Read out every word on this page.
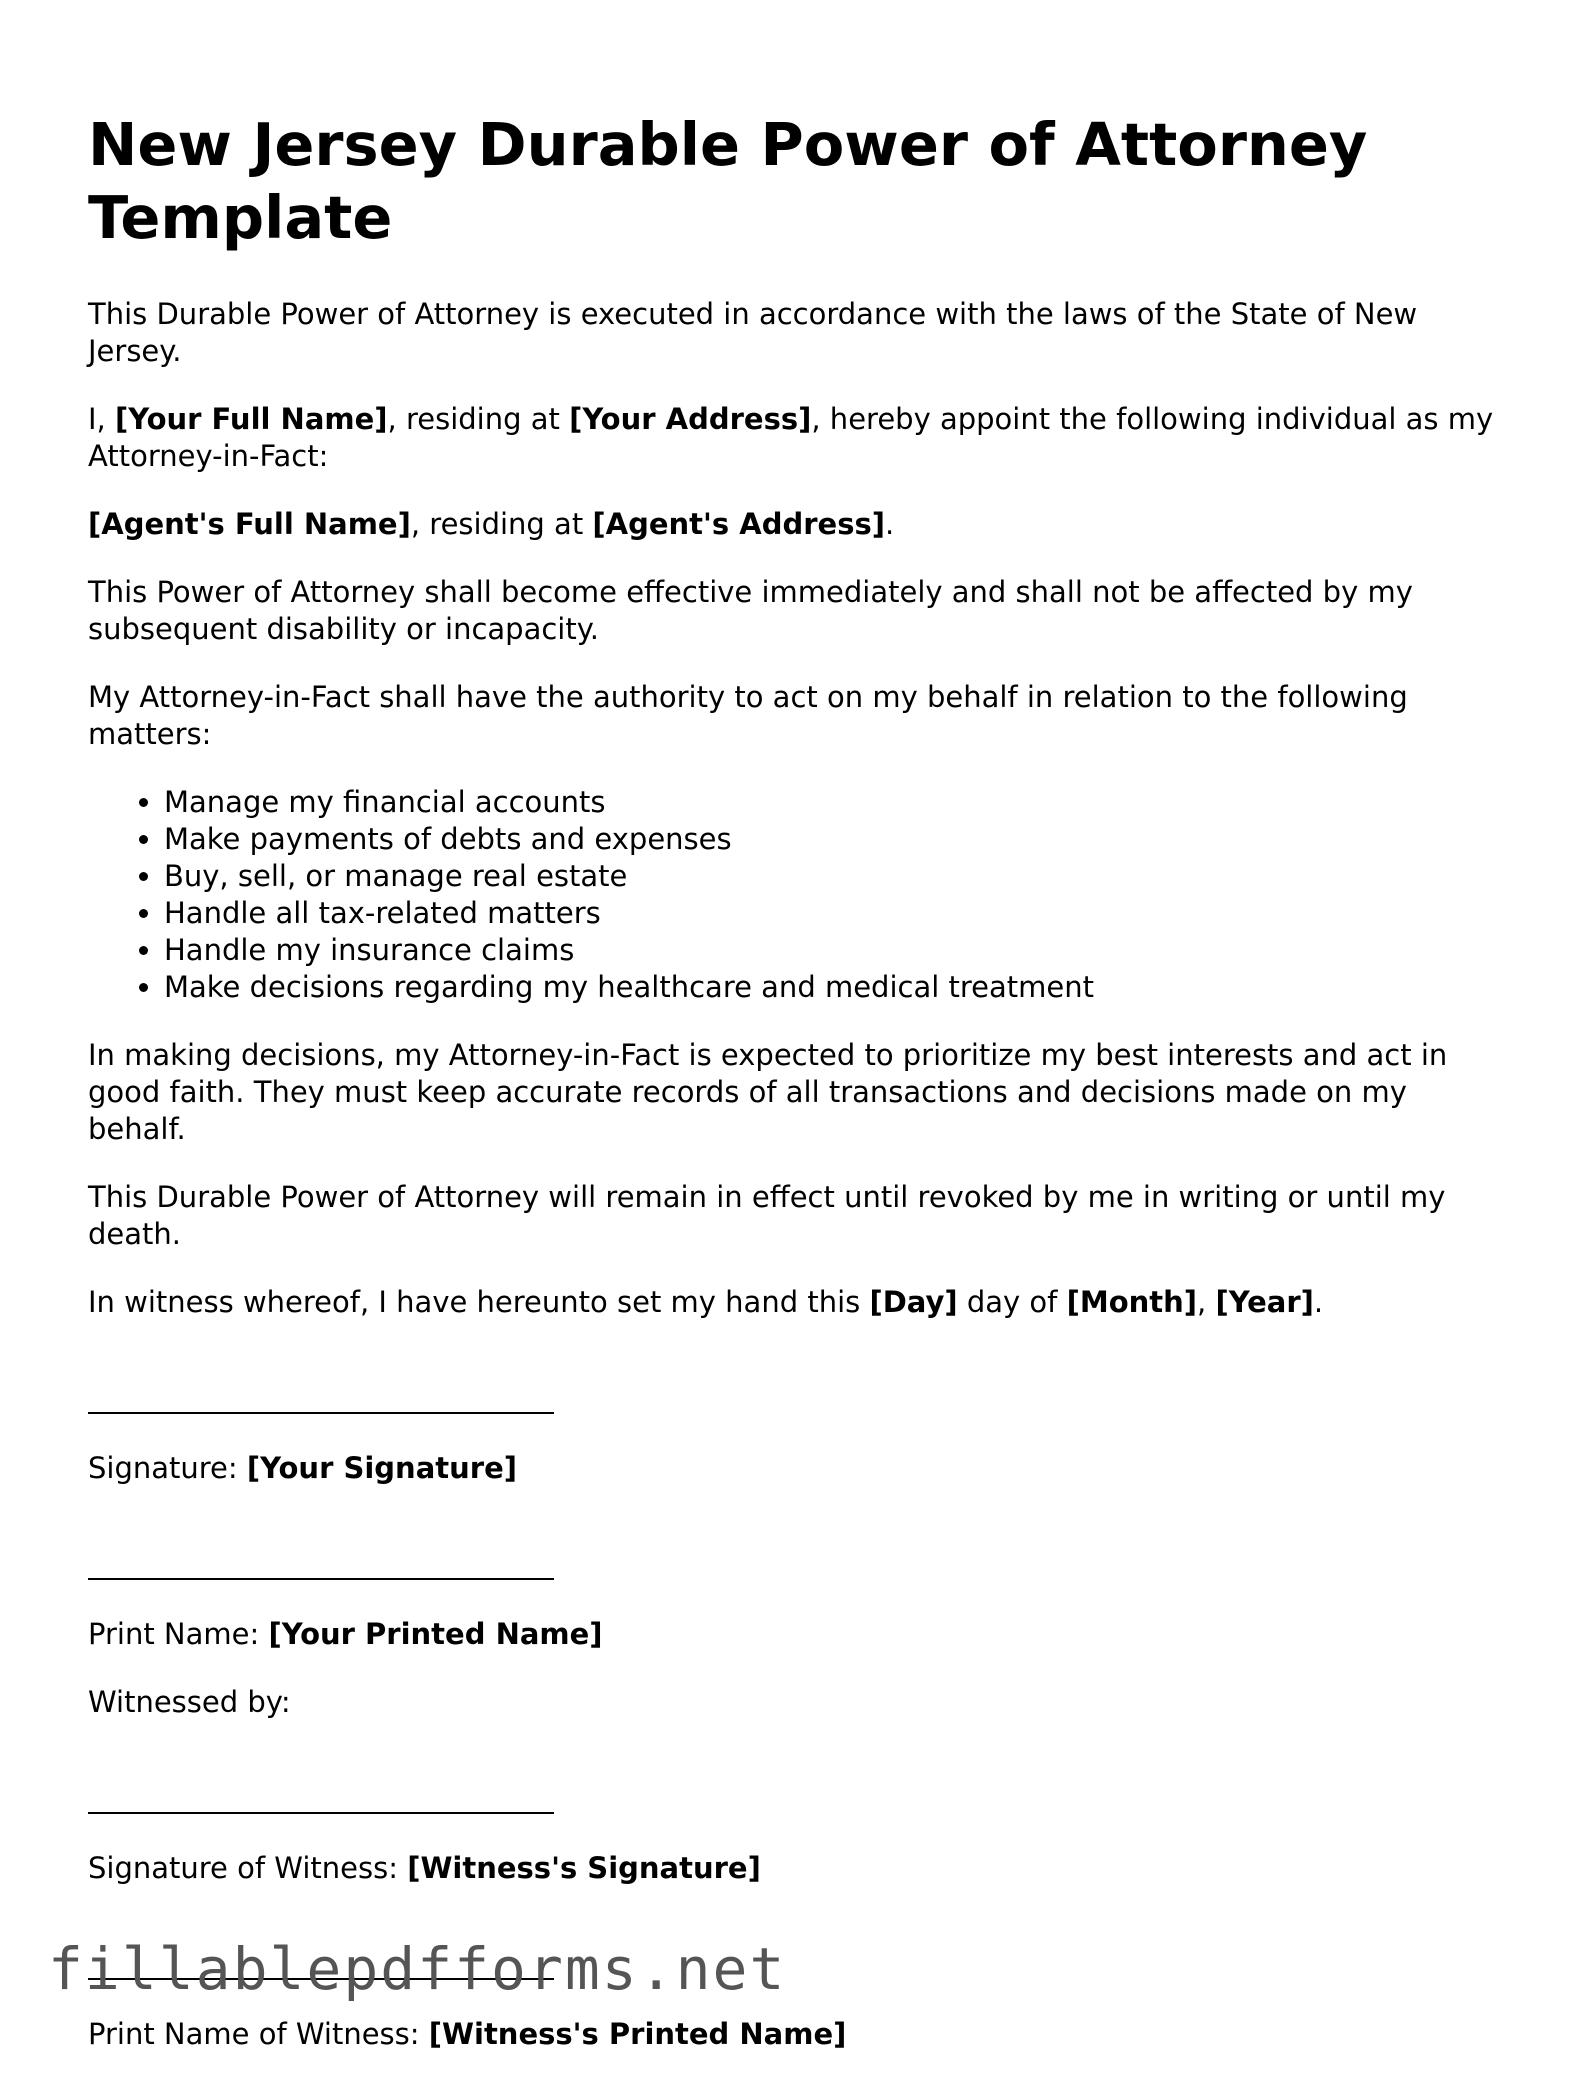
New Jersey Durable Power of Attorney Template

This Durable Power of Attorney is executed in accordance with the laws of the State of New Jersey.

I, [Your Full Name], residing at [Your Address], hereby appoint the following individual as my Attorney-in-Fact:

[Agent's Full Name], residing at [Agent's Address].

This Power of Attorney shall become effective immediately and shall not be affected by my subsequent disability or incapacity.

My Attorney-in-Fact shall have the authority to act on my behalf in relation to the following matters:

• Manage my financial accounts
• Make payments of debts and expenses
• Buy, sell, or manage real estate
• Handle all tax-related matters
• Handle my insurance claims
• Make decisions regarding my healthcare and medical treatment

In making decisions, my Attorney-in-Fact is expected to prioritize my best interests and act in good faith. They must keep accurate records of all transactions and decisions made on my behalf.

This Durable Power of Attorney will remain in effect until revoked by me in writing or until my death.

In witness whereof, I have hereunto set my hand this [Day] day of [Month], [Year].

Signature: [Your Signature]

Print Name: [Your Printed Name]

Witnessed by:

Signature of Witness: [Witness's Signature]

Print Name of Witness: [Witness's Printed Name]

fillablepdfforms.net
